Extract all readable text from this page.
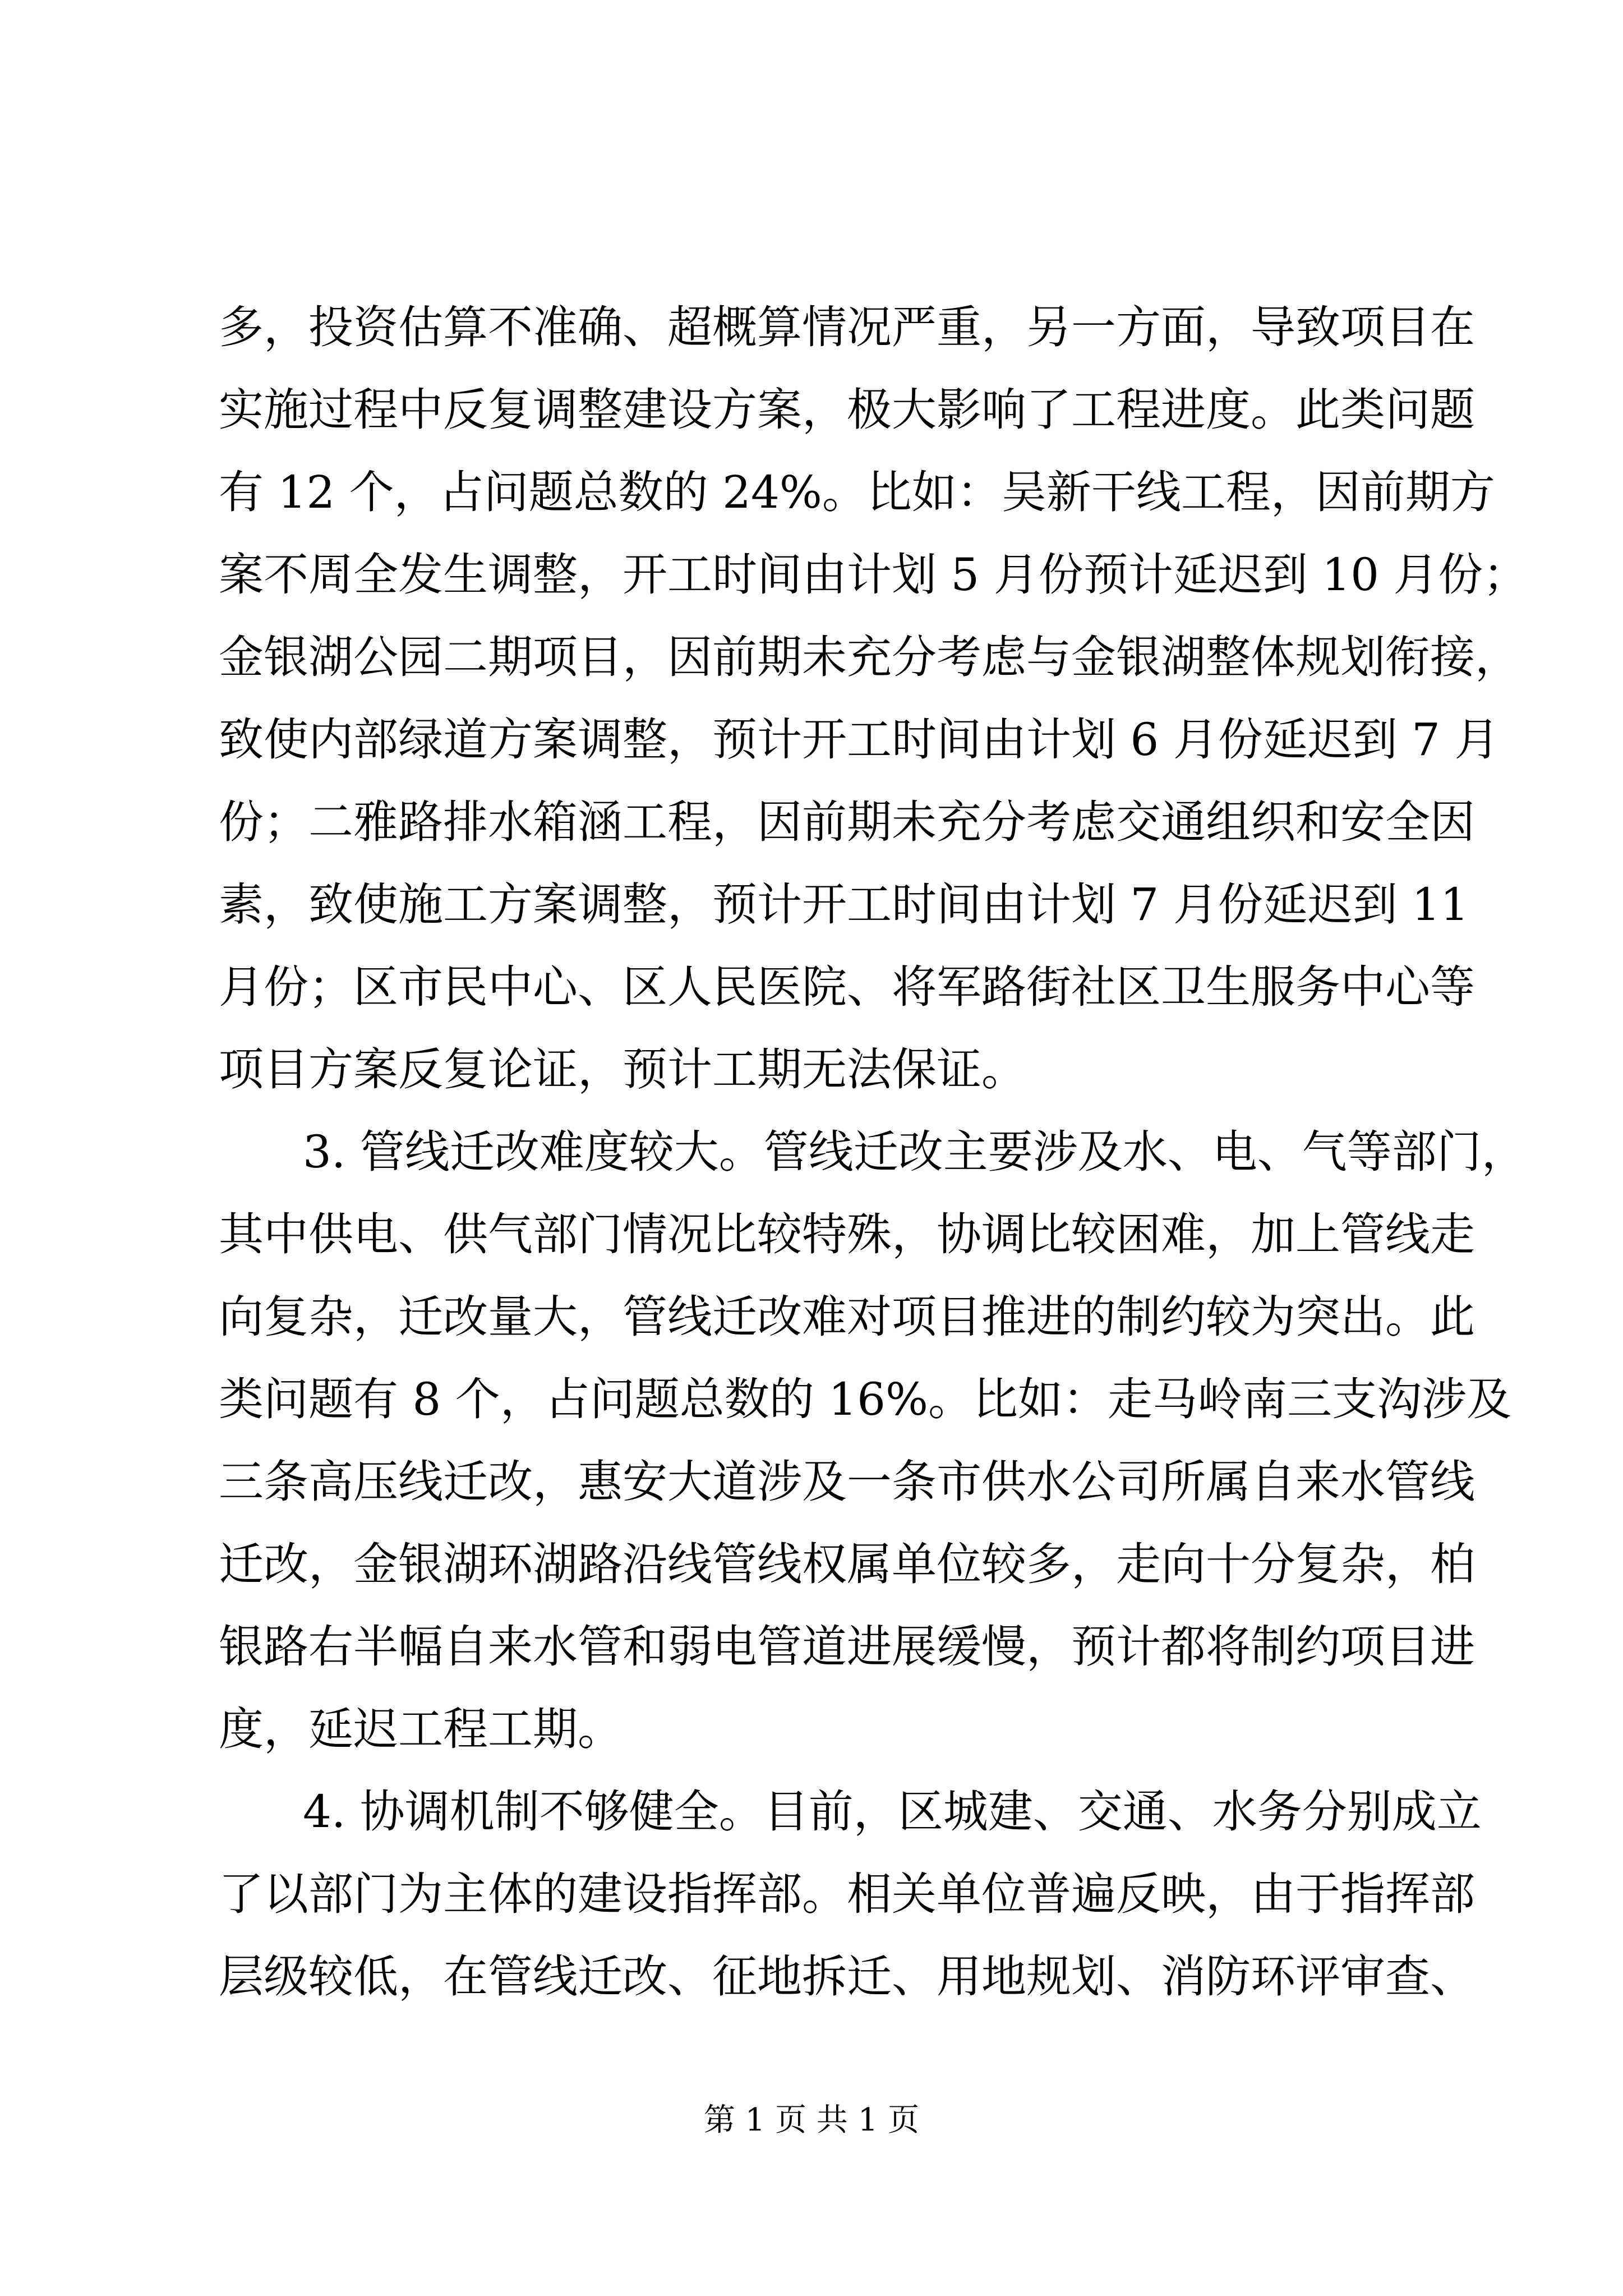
多，投资估算不准确、超概算情况严重，另一方面，导致项目在
实施过程中反复调整建设方案，极大影响了工程进度。此类问题
有 12 个，占问题总数的 24%。比如：吴新干线工程，因前期方
案不周全发生调整，开工时间由计划 5 月份预计延迟到 10 月份；
金银湖公园二期项目，因前期未充分考虑与金银湖整体规划衔接，
致使内部绿道方案调整，预计开工时间由计划 6 月份延迟到 7 月
份；二雅路排水箱涵工程，因前期未充分考虑交通组织和安全因
素，致使施工方案调整，预计开工时间由计划 7 月份延迟到 11
月份；区市民中心、区人民医院、将军路街社区卫生服务中心等
项目方案反复论证，预计工期无法保证。
3. 管线迁改难度较大。管线迁改主要涉及水、电、气等部门，
其中供电、供气部门情况比较特殊，协调比较困难，加上管线走
向复杂，迁改量大，管线迁改难对项目推进的制约较为突出。此
类问题有 8 个，占问题总数的 16%。比如：走马岭南三支沟涉及
三条高压线迁改，惠安大道涉及一条市供水公司所属自来水管线
迁改，金银湖环湖路沿线管线权属单位较多，走向十分复杂，柏
银路右半幅自来水管和弱电管道进展缓慢，预计都将制约项目进
度，延迟工程工期。
4. 协调机制不够健全。目前，区城建、交通、水务分别成立
了以部门为主体的建设指挥部。相关单位普遍反映，由于指挥部
层级较低，在管线迁改、征地拆迁、用地规划、消防环评审查、
第 1 页 共 1 页
